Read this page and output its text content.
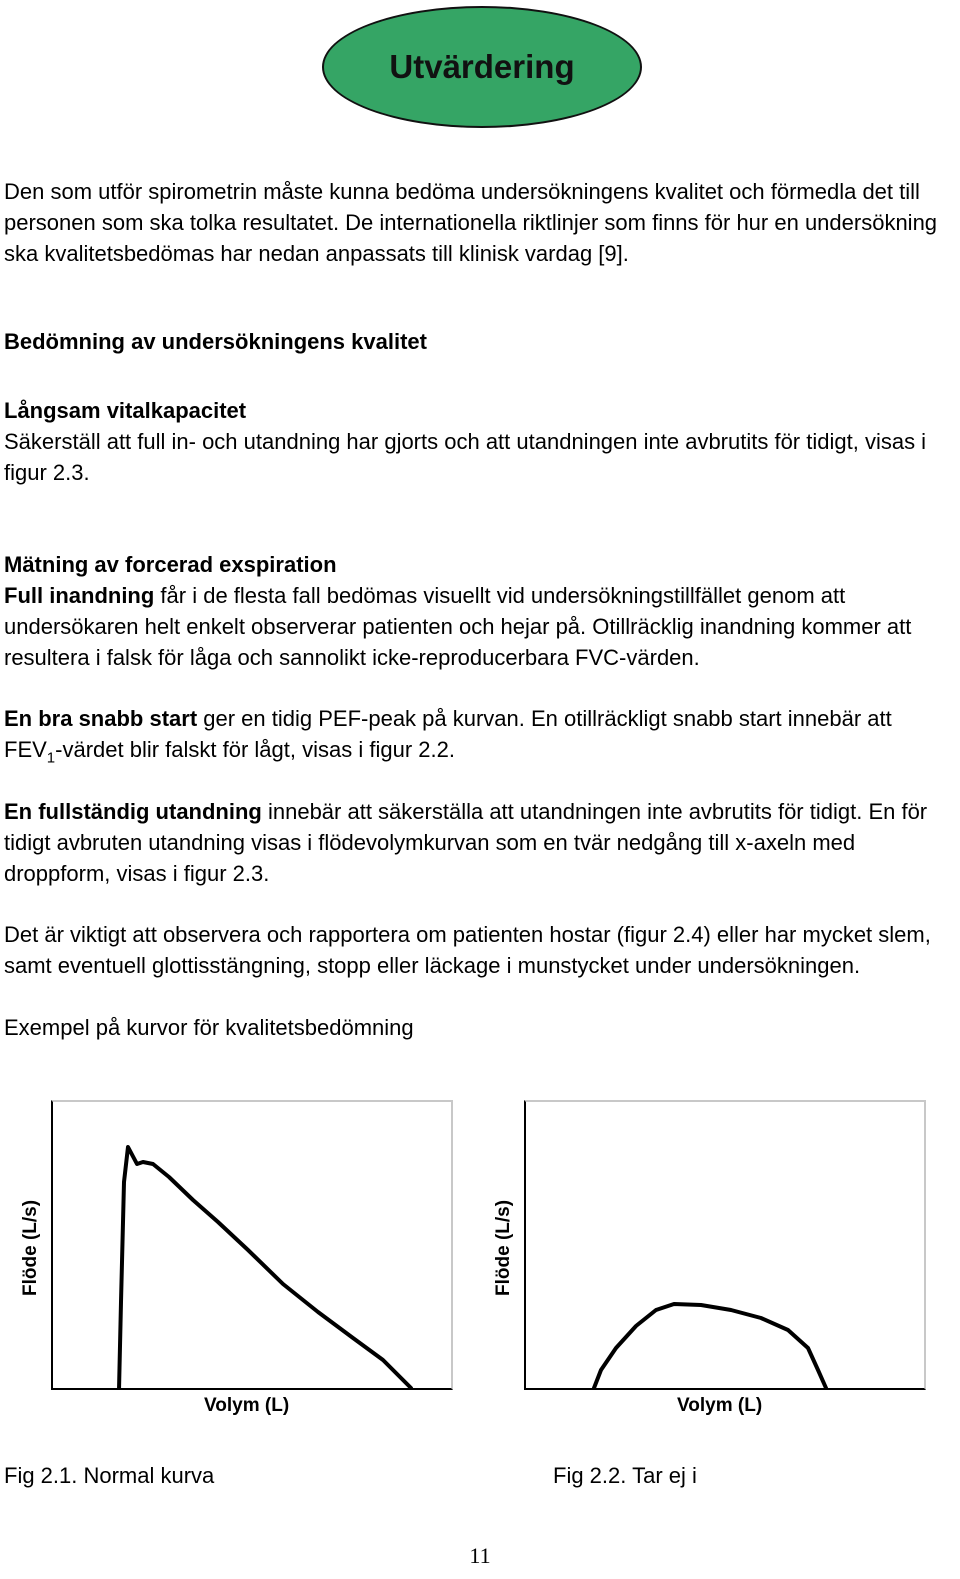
Utvärdering

Den som utför spirometrin måste kunna bedöma undersökningens kvalitet och förmedla det till personen som ska tolka resultatet. De internationella riktlinjer som finns för hur en undersökning ska kvalitetsbedömas har nedan anpassats till klinisk vardag [9].

Bedömning av undersökningens kvalitet

Långsam vitalkapacitet

Säkerställ att full in- och utandning har gjorts och att utandningen inte avbrutits för tidigt, visas i figur 2.3.

Mätning av forcerad exspiration

Full inandning får i de flesta fall bedömas visuellt vid undersökningstillfället genom att undersökaren helt enkelt observerar patienten och hejar på. Otillräcklig inandning kommer att resultera i falsk för låga och sannolikt icke-reproducerbara FVC-värden.

En bra snabb start ger en tidig PEF-peak på kurvan. En otillräckligt snabb start innebär att $FEV_1$-värdet blir falskt för lågt, visas i figur 2.2.

En fullständig utandning innebär att säkerställa att utandningen inte avbrutits för tidigt. En för tidigt avbruten utandning visas i flödevolymkurvan som en tvär nedgång till x-axeln med droppform, visas i figur 2.3.

Det är viktigt att observera och rapportera om patienten hostar (figur 2.4) eller har mycket slem, samt eventuell glottisstängning, stopp eller läckage i munstycket under undersökningen.

Exempel på kurvor för kvalitetsbedömning

Flöde (L/s)
Volym (L)
Fig 2.1. Normal kurva
Flöde (L/s)
Volym (L)
Fig 2.2. Tar ej i
11
